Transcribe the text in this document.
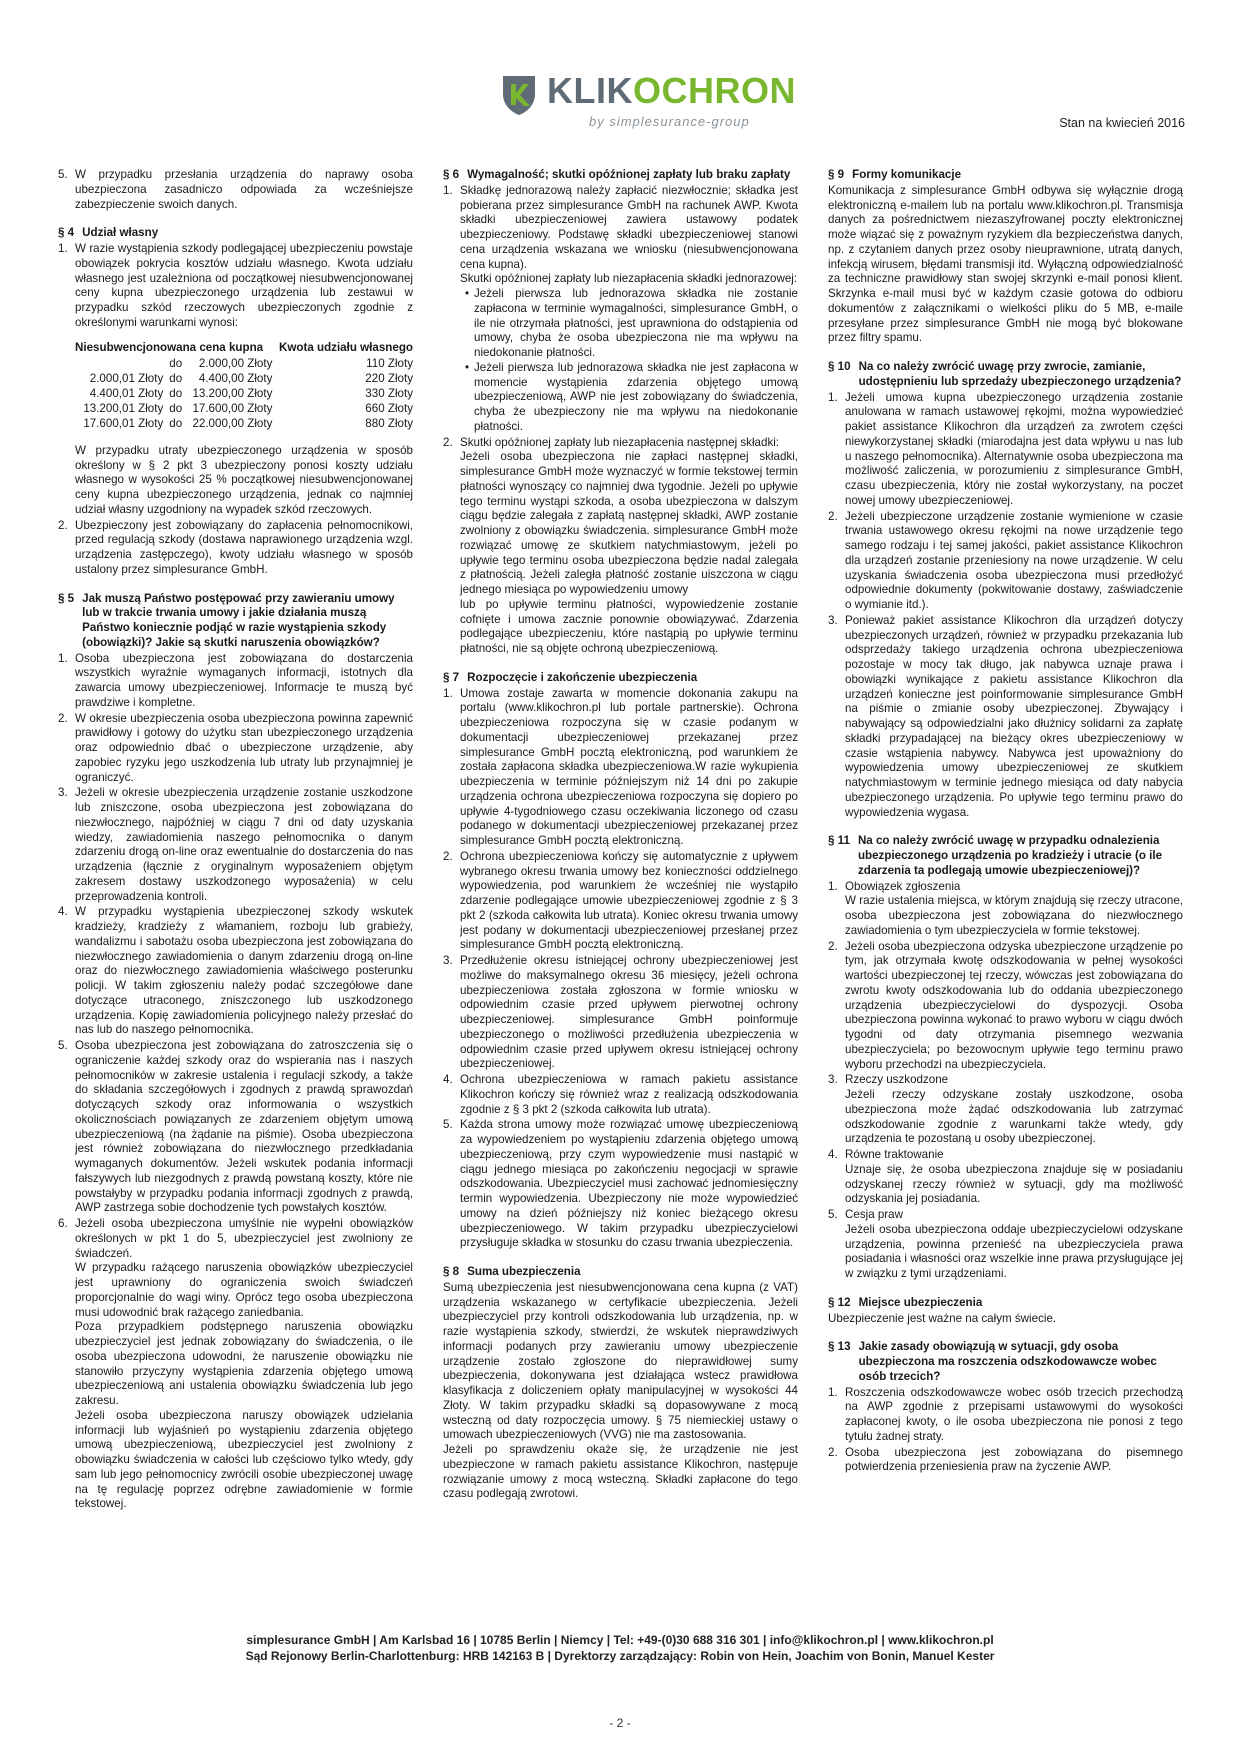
KLIKOCHRON
by simplesurance-group	Stan na kwiecień 2016
5. W przypadku przesłania urządzenia do naprawy osoba ubezpieczona zasadniczo odpowiada za wcześniejsze zabezpieczenie swoich danych.
§ 4 Udział własny
1. W razie wystąpienia szkody podlegającej ubezpieczeniu powstaje obowiązek pokrycia kosztów udziału własnego. Kwota udziału własnego jest uzależniona od początkowej niesubwencjonowanej ceny kupna ubezpieczonego urządzenia lub zestawui w przypadku szkód rzeczowych ubezpieczonych zgodnie z określonymi warunkami wynosi:

Niesubwencjonowana cena kupna			Kwota udziału własnego
	do	2.000,00 Złoty	110 Złoty
2.000,01 Złoty	do	4.400,00 Złoty	220 Złoty
4.400,01 Złoty	do	13.200,00 Złoty	330 Złoty
13.200,01 Złoty	do	17.600,00 Złoty	660 Złoty
17.600,01 Złoty	do	22.000,00 Złoty	880 Złoty

W przypadku utraty ubezpieczonego urządzenia w sposób określony w § 2 pkt 3 ubezpieczony ponosi koszty udziału własnego w wysokości 25 % początkowej niesubwencjonowanej ceny kupna ubezpieczonego urządzenia, jednak co najmniej udział własny uzgodniony na wypadek szkód rzeczowych.

2. Ubezpieczony jest zobowiązany do zapłacenia pełnomocnikowi, przed regulacją szkody (dostawa naprawionego urządzenia wzgl. urządzenia zastępczego), kwoty udziału własnego w sposób ustalony przez simplesurance GmbH.
§ 5 Jak muszą Państwo postępować przy zawieraniu umowy lub w trakcie trwania umowy i jakie działania muszą Państwo koniecznie podjąć w razie wystąpienia szkody (obowiązki)? Jakie są skutki naruszenia obowiązków?
1. Osoba ubezpieczona jest zobowiązana do dostarczenia wszystkich wyraźnie wymaganych informacji, istotnych dla zawarcia umowy ubezpieczeniowej. Informacje te muszą być prawdziwe i kompletne.
2. W okresie ubezpieczenia osoba ubezpieczona powinna zapewnić prawidłowy i gotowy do użytku stan ubezpieczonego urządzenia oraz odpowiednio dbać o ubezpieczone urządzenie, aby zapobiec ryzyku jego uszkodzenia lub utraty lub przynajmniej je ograniczyć.
3. Jeżeli w okresie ubezpieczenia urządzenie zostanie uszkodzone lub zniszczone, osoba ubezpieczona jest zobowiązana do niezwłocznego, najpóźniej w ciągu 7 dni od daty uzyskania wiedzy, zawiadomienia naszego pełnomocnika o danym zdarzeniu drogą on-line oraz ewentualnie do dostarczenia do nas urządzenia (łącznie z oryginalnym wyposażeniem objętym zakresem dostawy uszkodzonego wyposażenia) w celu przeprowadzenia kontroli.
4. W przypadku wystąpienia ubezpieczonej szkody wskutek kradzieży, kradzieży z włamaniem, rozboju lub grabieży, wandalizmu i sabotażu osoba ubezpieczona jest zobowiązana do niezwłocznego zawiadomienia o danym zdarzeniu drogą on-line oraz do niezwłocznego zawiadomienia właściwego posterunku policji. W takim zgłoszeniu należy podać szczegółowe dane dotyczące utraconego, zniszczonego lub uszkodzonego urządzenia. Kopię zawiadomienia policyjnego należy przesłać do nas lub do naszego pełnomocnika.
5. Osoba ubezpieczona jest zobowiązana do zatroszczenia się o ograniczenie każdej szkody oraz do wspierania nas i naszych pełnomocników w zakresie ustalenia i regulacji szkody, a także do składania szczegółowych i zgodnych z prawdą sprawozdań dotyczących szkody oraz informowania o wszystkich okolicznościach powiązanych ze zdarzeniem objętym umową ubezpieczeniową (na żądanie na piśmie). Osoba ubezpieczona jest również zobowiązana do niezwłocznego przedkładania wymaganych dokumentów. Jeżeli wskutek podania informacji fałszywych lub niezgodnych z prawdą powstaną koszty, które nie powstałyby w przypadku podania informacji zgodnych z prawdą, AWP zastrzega sobie dochodzenie tych powstałych kosztów.
6. Jeżeli osoba ubezpieczona umyślnie nie wypełni obowiązków określonych w pkt 1 do 5, ubezpieczyciel jest zwolniony ze świadczeń.

W przypadku rażącego naruszenia obowiązków ubezpieczyciel jest uprawniony do ograniczenia swoich świadczeń proporcjonalnie do wagi winy. Oprócz tego osoba ubezpieczona musi udowodnić brak rażącego zaniedbania.

Poza przypadkiem podstępnego naruszenia obowiązku ubezpieczyciel jest jednak zobowiązany do świadczenia, o ile osoba ubezpieczona udowodni, że naruszenie obowiązku nie stanowiło przyczyny wystąpienia zdarzenia objętego umową ubezpieczeniową ani ustalenia obowiązku świadczenia lub jego zakresu.

Jeżeli osoba ubezpieczona naruszy obowiązek udzielania informacji lub wyjaśnień po wystąpieniu zdarzenia objętego umową ubezpieczeniową, ubezpieczyciel jest zwolniony z obowiązku świadczenia w całości lub częściowo tylko wtedy, gdy sam lub jego pełnomocnicy zwrócili osobie ubezpieczonej uwagę na tę regulację poprzez odrębne zawiadomienie w formie tekstowej.

§ 6 Wymagalność; skutki opóźnionej zapłaty lub braku zapłaty
1. Składkę jednorazową należy zapłacić niezwłocznie; składka jest pobierana przez simplesurance GmbH na rachunek AWP. Kwota składki ubezpieczeniowej zawiera ustawowy podatek ubezpieczeniowy. Podstawę składki ubezpieczeniowej stanowi cena urządzenia wskazana we wniosku (niesubwencjonowana cena kupna).

Skutki opóźnionej zapłaty lub niezapłacenia składki jednorazowej:

• Jeżeli pierwsza lub jednorazowa składka nie zostanie zapłacona w terminie wymagalności, simplesurance GmbH, o ile nie otrzymała płatności, jest uprawniona do odstąpienia od umowy, chyba że osoba ubezpieczona nie ma wpływu na niedokonanie płatności.
• Jeżeli pierwsza lub jednorazowa składka nie jest zapłacona w momencie wystąpienia zdarzenia objętego umową ubezpieczeniową, AWP nie jest zobowiązany do świadczenia, chyba że ubezpieczony nie ma wpływu na niedokonanie płatności.
2. Skutki opóźnionej zapłaty lub niezapłacenia następnej składki:

Jeżeli osoba ubezpieczona nie zapłaci następnej składki, simplesurance GmbH może wyznaczyć w formie tekstowej termin płatności wynoszący co najmniej dwa tygodnie. Jeżeli po upływie tego terminu wystąpi szkoda, a osoba ubezpieczona w dalszym ciągu będzie zalegała z zapłatą następnej składki, AWP zostanie zwolniony z obowiązku świadczenia. simplesurance GmbH może rozwiązać umowę ze skutkiem natychmiastowym, jeżeli po upływie tego terminu osoba ubezpieczona będzie nadal zalegała z płatnością. Jeżeli zaległa płatność zostanie uiszczona w ciągu jednego miesiąca po wypowiedzeniu umowy

lub po upływie terminu płatności, wypowiedzenie zostanie cofnięte i umowa zacznie ponownie obowiązywać. Zdarzenia podlegające ubezpieczeniu, które nastąpią po upływie terminu płatności, nie są objęte ochroną ubezpieczeniową.

§ 7 Rozpoczęcie i zakończenie ubezpieczenia
1. Umowa zostaje zawarta w momencie dokonania zakupu na portalu (www.klikochron.pl lub portale partnerskie). Ochrona ubezpieczeniowa rozpoczyna się w czasie podanym w dokumentacji ubezpieczeniowej przekazanej przez simplesurance GmbH pocztą elektroniczną, pod warunkiem że została zapłacona składka ubezpieczeniowa.W razie wykupienia ubezpieczenia w terminie późniejszym niż 14 dni po zakupie urządzenia ochrona ubezpieczeniowa rozpoczyna się dopiero po upływie 4-tygodniowego czasu oczekiwania liczonego od czasu podanego w dokumentacji ubezpieczeniowej przekazanej przez simplesurance GmbH pocztą elektroniczną.
2. Ochrona ubezpieczeniowa kończy się automatycznie z upływem wybranego okresu trwania umowy bez konieczności oddzielnego wypowiedzenia, pod warunkiem że wcześniej nie wystąpiło zdarzenie podlegające umowie ubezpieczeniowej zgodnie z § 3 pkt 2 (szkoda całkowita lub utrata). Koniec okresu trwania umowy jest podany w dokumentacji ubezpieczeniowej przesłanej przez simplesurance GmbH pocztą elektroniczną.
3. Przedłużenie okresu istniejącej ochrony ubezpieczeniowej jest możliwe do maksymalnego okresu 36 miesięcy, jeżeli ochrona ubezpieczeniowa została zgłoszona w formie wniosku w odpowiednim czasie przed upływem pierwotnej ochrony ubezpieczeniowej. simplesurance GmbH poinformuje ubezpieczonego o możliwości przedłużenia ubezpieczenia w odpowiednim czasie przed upływem okresu istniejącej ochrony ubezpieczeniowej.
4. Ochrona ubezpieczeniowa w ramach pakietu assistance Klikochron kończy się również wraz z realizacją odszkodowania zgodnie z § 3 pkt 2 (szkoda całkowita lub utrata).
5. Każda strona umowy może rozwiązać umowę ubezpieczeniową za wypowiedzeniem po wystąpieniu zdarzenia objętego umową ubezpieczeniową, przy czym wypowiedzenie musi nastąpić w ciągu jednego miesiąca po zakończeniu negocjacji w sprawie odszkodowania. Ubezpieczyciel musi zachować jednomiesięczny termin wypowiedzenia. Ubezpieczony nie może wypowiedzieć umowy na dzień późniejszy niż koniec bieżącego okresu ubezpieczeniowego. W takim przypadku ubezpieczycielowi przysługuje składka w stosunku do czasu trwania ubezpieczenia.
§ 8 Suma ubezpieczenia

Sumą ubezpieczenia jest niesubwencjonowana cena kupna (z VAT) urządzenia wskazanego w certyfikacie ubezpieczenia. Jeżeli ubezpieczyciel przy kontroli odszkodowania lub urządzenia, np. w razie wystąpienia szkody, stwierdzi, że wskutek nieprawdziwych informacji podanych przy zawieraniu umowy ubezpieczenie urządzenie zostało zgłoszone do nieprawidłowej sumy ubezpieczenia, dokonywana jest działająca wstecz prawidłowa klasyfikacja z doliczeniem opłaty manipulacyjnej w wysokości 44 Złoty. W takim przypadku składki są dopasowywane z mocą wsteczną od daty rozpoczęcia umowy. § 75 niemieckiej ustawy o umowach ubezpieczeniowych (VVG) nie ma zastosowania.

Jeżeli po sprawdzeniu okaże się, że urządzenie nie jest ubezpieczone w ramach pakietu assistance Klikochron, następuje rozwiązanie umowy z mocą wsteczną. Składki zapłacone do tego czasu podlegają zwrotowi.

§ 9 Formy komunikacje

Komunikacja z simplesurance GmbH odbywa się wyłącznie drogą elektroniczną e-mailem lub na portalu www.klikochron.pl. Transmisja danych za pośrednictwem niezaszyfrowanej poczty elektronicznej może wiązać się z poważnym ryzykiem dla bezpieczeństwa danych, np. z czytaniem danych przez osoby nieuprawnione, utratą danych, infekcją wirusem, błędami transmisji itd. Wyłączną odpowiedzialność za techniczne prawidłowy stan swojej skrzynki e-mail ponosi klient. Skrzynka e-mail musi być w każdym czasie gotowa do odbioru dokumentów z załącznikami o wielkości pliku do 5 MB, e-maile przesyłane przez simplesurance GmbH nie mogą być blokowane przez filtry spamu.

§ 10 Na co należy zwrócić uwagę przy zwrocie, zamianie, udostępnieniu lub sprzedaży ubezpieczonego urządzenia?
1. Jeżeli umowa kupna ubezpieczonego urządzenia zostanie anulowana w ramach ustawowej rękojmi, można wypowiedzieć pakiet assistance Klikochron dla urządzeń za zwrotem części niewykorzystanej składki (miarodajna jest data wpływu u nas lub u naszego pełnomocnika). Alternatywnie osoba ubezpieczona ma możliwość zaliczenia, w porozumieniu z simplesurance GmbH, czasu ubezpieczenia, który nie został wykorzystany, na poczet nowej umowy ubezpieczeniowej.
2. Jeżeli ubezpieczone urządzenie zostanie wymienione w czasie trwania ustawowego okresu rękojmi na nowe urządzenie tego samego rodzaju i tej samej jakości, pakiet assistance Klikochron dla urządzeń zostanie przeniesiony na nowe urządzenie. W celu uzyskania świadczenia osoba ubezpieczona musi przedłożyć odpowiednie dokumenty (pokwitowanie dostawy, zaświadczenie o wymianie itd.).
3. Ponieważ pakiet assistance Klikochron dla urządzeń dotyczy ubezpieczonych urządzeń, również w przypadku przekazania lub odsprzedaży takiego urządzenia ochrona ubezpieczeniowa pozostaje w mocy tak długo, jak nabywca uznaje prawa i obowiązki wynikające z pakietu assistance Klikochron dla urządzeń konieczne jest poinformowanie simplesurance GmbH na piśmie o zmianie osoby ubezpieczonej. Zbywający i nabywający są odpowiedzialni jako dłużnicy solidarni za zapłatę składki przypadającej na bieżący okres ubezpieczeniowy w czasie wstąpienia nabywcy. Nabywca jest upoważniony do wypowiedzenia umowy ubezpieczeniowej ze skutkiem natychmiastowym w terminie jednego miesiąca od daty nabycia ubezpieczonego urządzenia. Po upływie tego terminu prawo do wypowiedzenia wygasa.
§ 11 Na co należy zwrócić uwagę w przypadku odnalezienia ubezpieczonego urządzenia po kradzieży i utracie (o ile zdarzenia ta podlegają umowie ubezpieczeniowej)?
1. Obowiązek zgłoszenia

W razie ustalenia miejsca, w którym znajdują się rzeczy utracone, osoba ubezpieczona jest zobowiązana do niezwłocznego zawiadomienia o tym ubezpieczyciela w formie tekstowej.

2. Jeżeli osoba ubezpieczona odzyska ubezpieczone urządzenie po tym, jak otrzymała kwotę odszkodowania w pełnej wysokości wartości ubezpieczonej tej rzeczy, wówczas jest zobowiązana do zwrotu kwoty odszkodowania lub do oddania ubezpieczonego urządzenia ubezpieczycielowi do dyspozycji. Osoba ubezpieczona powinna wykonać to prawo wyboru w ciągu dwóch tygodni od daty otrzymania pisemnego wezwania ubezpieczyciela; po bezowocnym upływie tego terminu prawo wyboru przechodzi na ubezpieczyciela.
3. Rzeczy uszkodzone

Jeżeli rzeczy odzyskane zostały uszkodzone, osoba ubezpieczona może żądać odszkodowania lub zatrzymać odszkodowanie zgodnie z warunkami także wtedy, gdy urządzenia te pozostaną u osoby ubezpieczonej.

4. Równe traktowanie

Uznaje się, że osoba ubezpieczona znajduje się w posiadaniu odzyskanej rzeczy również w sytuacji, gdy ma możliwość odzyskania jej posiadania.

5. Cesja praw

Jeżeli osoba ubezpieczona oddaje ubezpieczycielowi odzyskane urządzenia, powinna przenieść na ubezpieczyciela prawa posiadania i własności oraz wszelkie inne prawa przysługujące jej w związku z tymi urządzeniami.

§ 12 Miejsce ubezpieczenia

Ubezpieczenie jest ważne na całym świecie.

§ 13 Jakie zasady obowiązują w sytuacji, gdy osoba ubezpieczona ma roszczenia odszkodowawcze wobec osób trzecich?
1. Roszczenia odszkodowawcze wobec osób trzecich przechodzą na AWP zgodnie z przepisami ustawowymi do wysokości zapłaconej kwoty, o ile osoba ubezpieczona nie ponosi z tego tytułu żadnej straty.
2. Osoba ubezpieczona jest zobowiązana do pisemnego potwierdzenia przeniesienia praw na życzenie AWP.
simplesurance GmbH | Am Karlsbad 16 | 10785 Berlin | Niemcy | Tel: +49-(0)30 688 316 301 | info@klikochron.pl | www.klikochron.pl
Sąd Rejonowy Berlin-Charlottenburg: HRB 142163 B | Dyrektorzy zarządzający: Robin von Hein, Joachim von Bonin, Manuel Kester
- 2 -
